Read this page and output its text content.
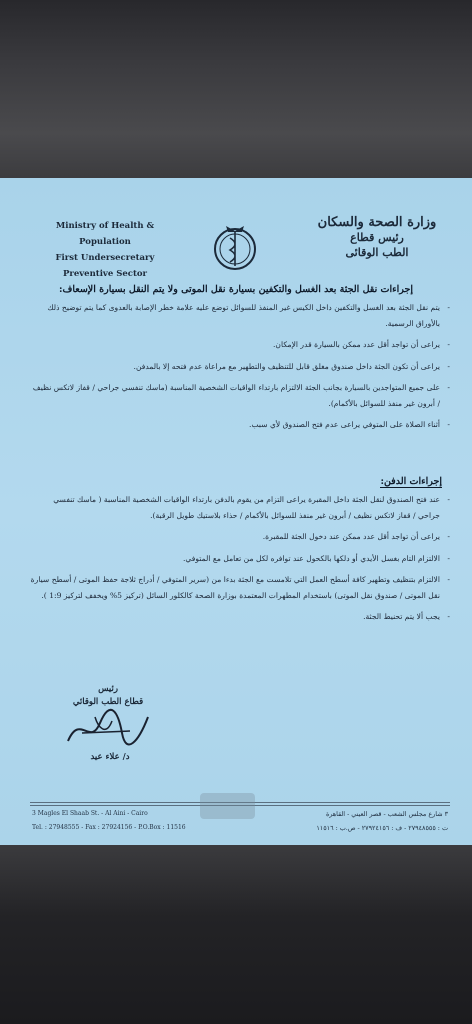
Ministry of Health & Population
First Undersecretary
Preventive Sector
وزارة الصحة والسكان
رئيس قطاع
الطب الوقائى
إجراءات نقل الجثة بعد الغسل والتكفين بسيارة نقل الموتى ولا يتم النقل بسيارة الإسعاف:
- يتم نقل الجثة بعد الغسل والتكفين داخل الكيس غير المنفذ للسوائل توضع عليه علامة خطر الإصابة بالعدوى كما يتم توضيح ذلك بالأوراق الرسمية.
- يراعى أن تواجد أقل عدد ممكن بالسيارة قدر الإمكان.
- يراعى أن تكون الجثة داخل صندوق مغلق قابل للتنظيف والتطهير مع مراعاة عدم فتحه إلا بالمدفن.
- على جميع المتواجدين بالسيارة بجانب الجثة الالتزام بارتداء الواقيات الشخصية المناسبة (ماسك تنفسي جراحي / قفاز لاتكس نظيف / أبرون غير منفذ للسوائل بالأكمام).
- أثناء الصلاة على المتوفي يراعى عدم فتح الصندوق لأي سبب.
إجراءات الدفن:
- عند فتح الصندوق لنقل الجثة داخل المقبرة يراعى التزام من يقوم بالدفن بارتداء الواقيات الشخصية المناسبة ( ماسك تنفسي جراحي / قفاز لاتكس نظيف / أبرون غير منفذ للسوائل بالأكمام / حذاء بلاستيك طويل الرقبة).
- يراعى أن تواجد أقل عدد ممكن عند دخول الجثة للمقبرة.
- الالتزام التام بغسل الأيدي أو دلكها بالكحول عند توافره لكل من تعامل مع المتوفي.
- الالتزام بتنظيف وتطهير كافة أسطح العمل التي تلامست مع الجثة بدءا من (سرير المتوفي / أدراج ثلاجة حفظ الموتى / أسطح سيارة نقل الموتى / صندوق نقل الموتى) باستخدام المطهرات المعتمدة بوزارة الصحة كالكلور السائل (تركيز 5% ويخفف لتركيز 1:9 ).
- يجب ألا يتم تحنيط الجثة.
رئيس
قطاع الطب الوقائي
د/ علاء عيد
3 Magles El Shaab St. - Al Aini - Cairo
Tel. : 27948555 - Fax : 27924156 - P.O.Box : 11516
٣ شارع مجلس الشعب - قصر العيني - القاهرة
ت : ٢٧٩٤٨٥٥٥ - ف : ٢٧٩٢٤١٥٦ - ص.ب : ١١٥١٦
